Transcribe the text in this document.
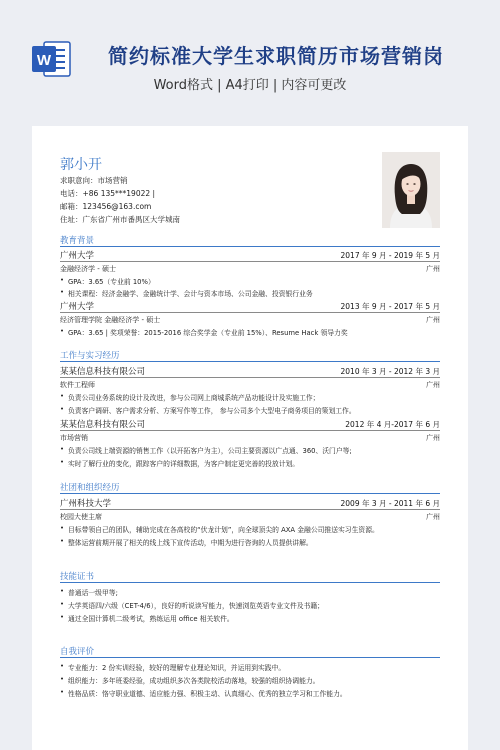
W	简约标准大学生求职简历市场营销岗
Word格式 | A4打印 | 内容可更改
郭小开
求职意向：市场营销
电话：+86 135***19022 |
邮箱：123456@163.com
住址：广东省广州市番禺区大学城南
教育背景
广州大学	2017 年 9 月 - 2019 年 5 月
金融经济学 - 硕士	广州
• GPA：3.65（专业前 10%）
• 相关课程：经济金融学、金融统计学、会计与资本市场、公司金融、投资银行业务
广州大学	2013 年 9 月 - 2017 年 5 月
经济管理学院 金融经济学 - 硕士	广州
• GPA：3.65 | 奖项荣誉：2015-2016 综合奖学金（专业前 15%）、Resume Hack 领导力奖
工作与实习经历
某某信息科技有限公司	2010 年 3 月 - 2012 年 3 月
软件工程师	广州
• 负责公司业务系统的设计及改进，参与公司网上商城系统产品功能设计及实施工作；
• 负责客户调研、客户需求分析、方案写作等工作， 参与公司多个大型电子商务项目的策划工作。
某某信息科技有限公司	2012 年 4 月-2017 年 6 月
市场营销	广州
• 负责公司线上端资源的销售工作（以开拓客户为主），公司主要资源以广点通、360、沃门户等;
• 实时了解行业的变化，跟踪客户的详细数据，为客户制定更完善的投放计划。
社团和组织经历
广州科技大学	2009 年 3 月 - 2011 年 6 月
校园大使主席	广州
• 目标带领自己的团队，辅助完成在各高校的“伏龙计划”，向全球顶尖的 AXA 金融公司推送实习生资源。
• 整体运营前期开展了相关的线上线下宣传活动，中期为进行咨询的人员提供讲解。
技能证书
• 普通话一级甲等;
• 大学英语四/六级（CET-4/6），良好的听说读写能力，快速浏览英语专业文件及书籍；
• 通过全国计算机二级考试，熟练运用 office 相关软件。
自我评价
• 专业能力：2 份实训经验，较好的理解专业理论知识，并运用到实践中。
• 组织能力：多年班委经验，成功组织多次各类院校活动落地，较强的组织协调能力。
• 性格品质：恪守职业道德、适应能力强、积极主动、认真细心、优秀的独立学习和工作能力。
